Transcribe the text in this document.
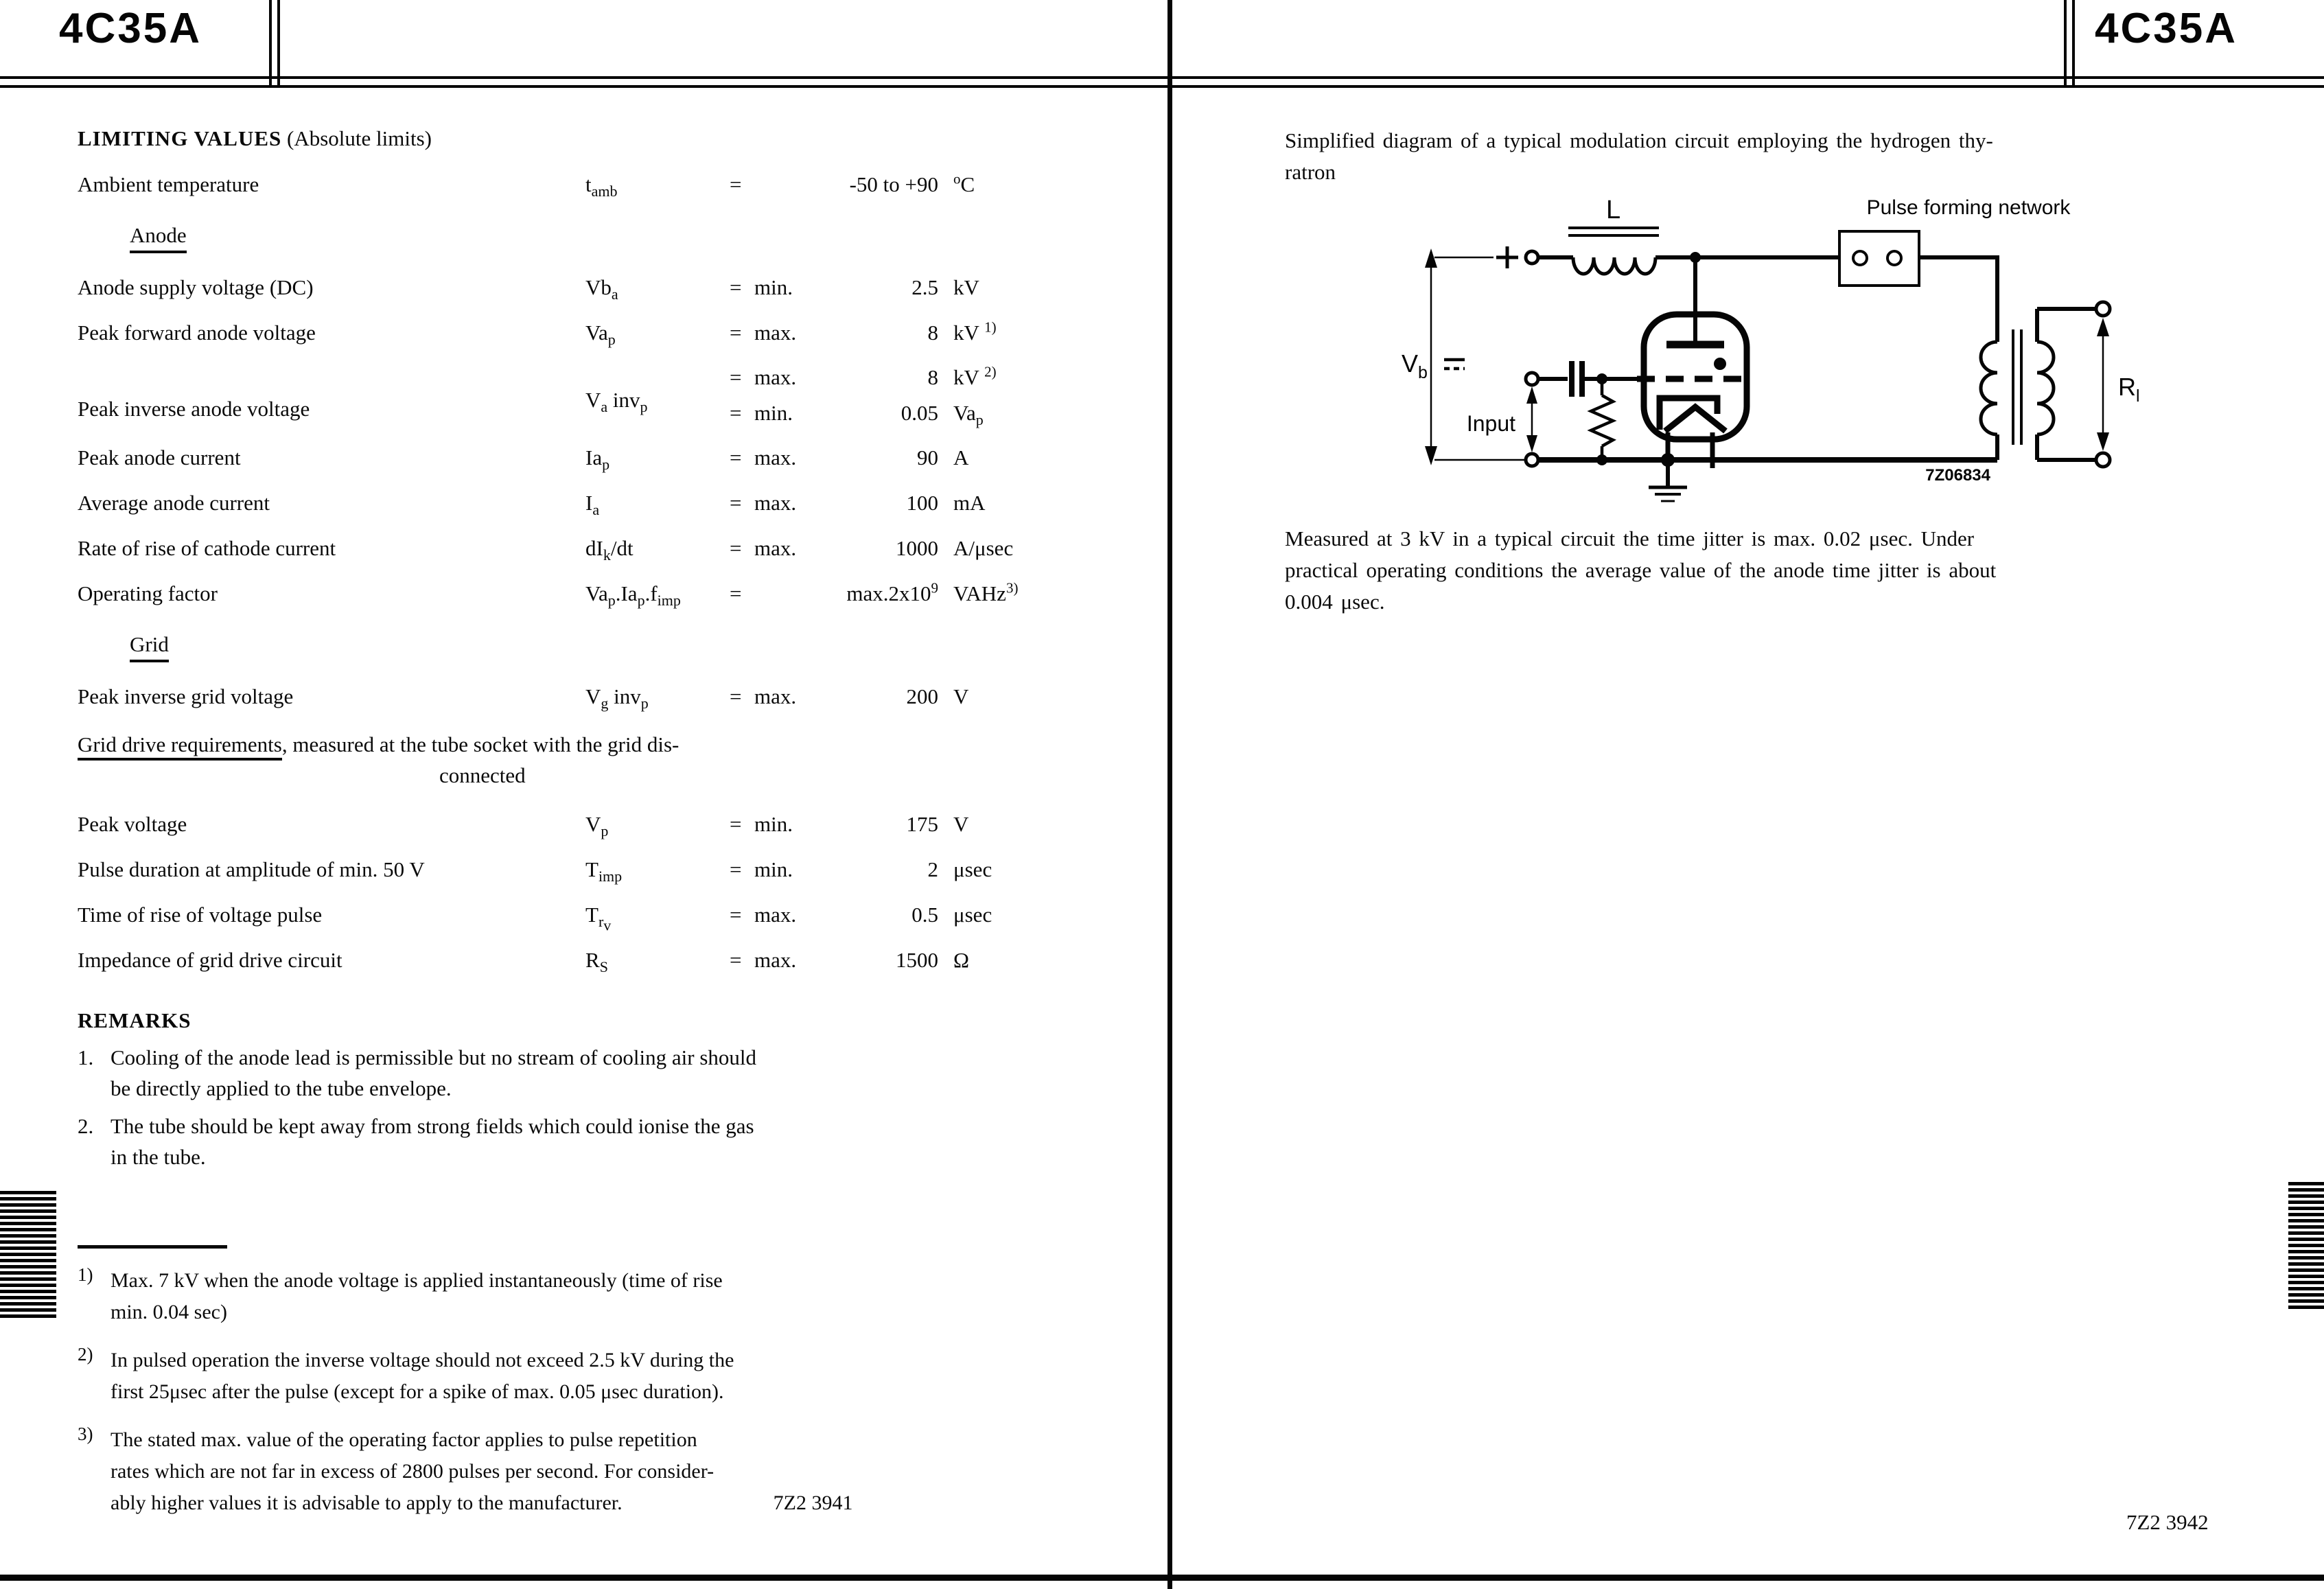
4C35A	4C35A
LIMITING VALUES (Absolute limits)
Ambient temperature	$t_{amb}$	=	-50 to +90	$^o$C
Anode
Anode supply voltage (DC)	$Vb_a$	= min.	2.5 kV
Peak forward anode voltage	$Va_p$	= max.	8 kV $^{1)}$
Peak inverse anode voltage	$V_a$ inv$_p$
= max.	8 kV $^{2)}$
= min.	0.05 $Va_p$
Peak anode current	$Ia_p$	= max.	90 A
Average anode current	$I_a$	= max.	100 mA
Rate of rise of cathode current	$dI_k/dt$	= max.	1000 A/μsec
Operating factor	$Va_p.Ia_p.f_{imp}$	=	$\max.2x10^9$ VAHz$^{3)}$
Grid
Peak inverse grid voltage	$V_g$ inv$_p$	= max.	200 V
Grid drive requirements, measured at the tube socket with the grid dis-
connected
Peak voltage	$V_p$	= min.	175 V
Pulse duration at amplitude of min. 50 V	$T_{imp}$	= min.	2 μsec
Time of rise of voltage pulse	$T_{r_v}$	= max.	0.5 μsec
Impedance of grid drive circuit	$R_S$	= max.	1500 Ω
REMARKS
1. Cooling of the anode lead is permissible but no stream of cooling air should
be directly applied to the tube envelope.
2. The tube should be kept away from strong fields which could ionise the gas
in the tube.
1) Max. 7 kV when the anode voltage is applied instantaneously (time of rise
min. 0.04 sec)
2) In pulsed operation the inverse voltage should not exceed 2.5 kV during the
first 25μsec after the pulse (except for a spike of max. 0.05 μsec duration).
3) The stated max. value of the operating factor applies to pulse repetition
rates which are not far in excess of 2800 pulses per second. For consider-
ably higher values it is advisable to apply to the manufacturer.	7Z2 3941
Simplified diagram of a typical modulation circuit employing the hydrogen thy-
ratron
Measured at 3 kV in a typical circuit the time jitter is max. 0.02 μsec. Under
practical operating conditions the average value of the anode time jitter is about
0.004 μsec.
$V_b$
L	Pulse forming network
Input
$R_l$
7Z06834
7Z2 3942
